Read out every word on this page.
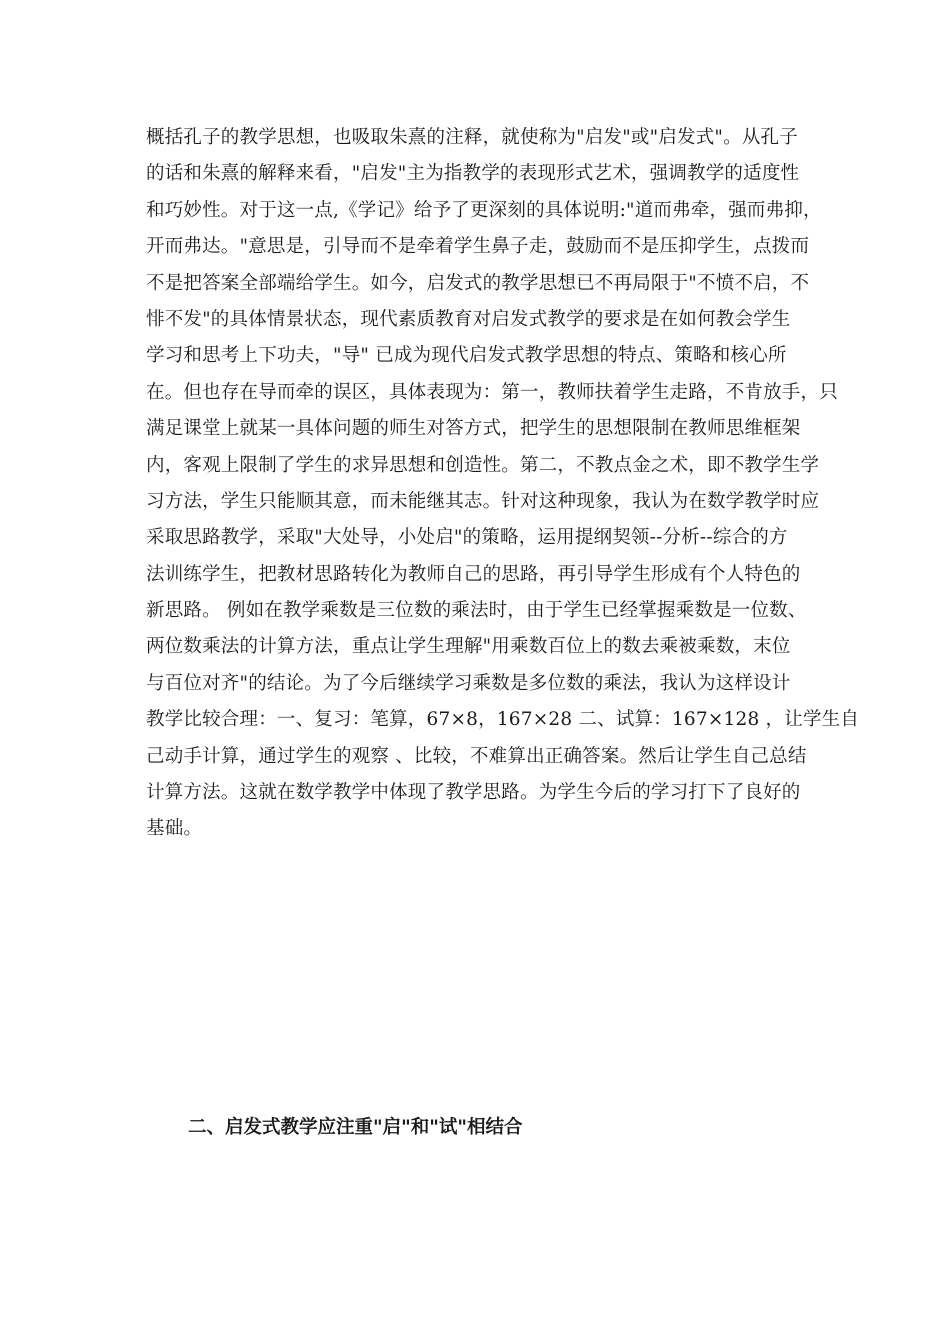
概括孔子的教学思想，也吸取朱熹的注释，就使称为"启发"或"启发式"。从孔子
的话和朱熹的解释来看，"启发"主为指教学的表现形式艺术，强调教学的适度性
和巧妙性。对于这一点,《学记》给予了更深刻的具体说明:"道而弗牵，强而弗抑，
开而弗达。"意思是，引导而不是牵着学生鼻子走，鼓励而不是压抑学生，点拨而
不是把答案全部端给学生。如今，启发式的教学思想已不再局限于"不愤不启，不
悱不发"的具体情景状态，现代素质教育对启发式教学的要求是在如何教会学生
学习和思考上下功夫，"导" 已成为现代启发式教学思想的特点、策略和核心所
在。但也存在导而牵的误区，具体表现为：第一，教师扶着学生走路，不肯放手，只
满足课堂上就某一具体问题的师生对答方式，把学生的思想限制在教师思维框架
内，客观上限制了学生的求异思想和创造性。第二，不教点金之术，即不教学生学
习方法，学生只能顺其意，而未能继其志。针对这种现象，我认为在数学教学时应
采取思路教学，采取"大处导，小处启"的策略，运用提纲契领--分析--综合的方
法训练学生，把教材思路转化为教师自己的思路，再引导学生形成有个人特色的
新思路。 例如在教学乘数是三位数的乘法时，由于学生已经掌握乘数是一位数、
两位数乘法的计算方法，重点让学生理解"用乘数百位上的数去乘被乘数，末位
与百位对齐"的结论。为了今后继续学习乘数是多位数的乘法，我认为这样设计
教学比较合理：一、复习：笔算，67×8，167×28 二、试算：167×128 ，让学生自
己动手计算，通过学生的观察 、比较，不难算出正确答案。然后让学生自己总结
计算方法。这就在数学教学中体现了教学思路。为学生今后的学习打下了良好的
基础。
二、启发式教学应注重"启"和"试"相结合
